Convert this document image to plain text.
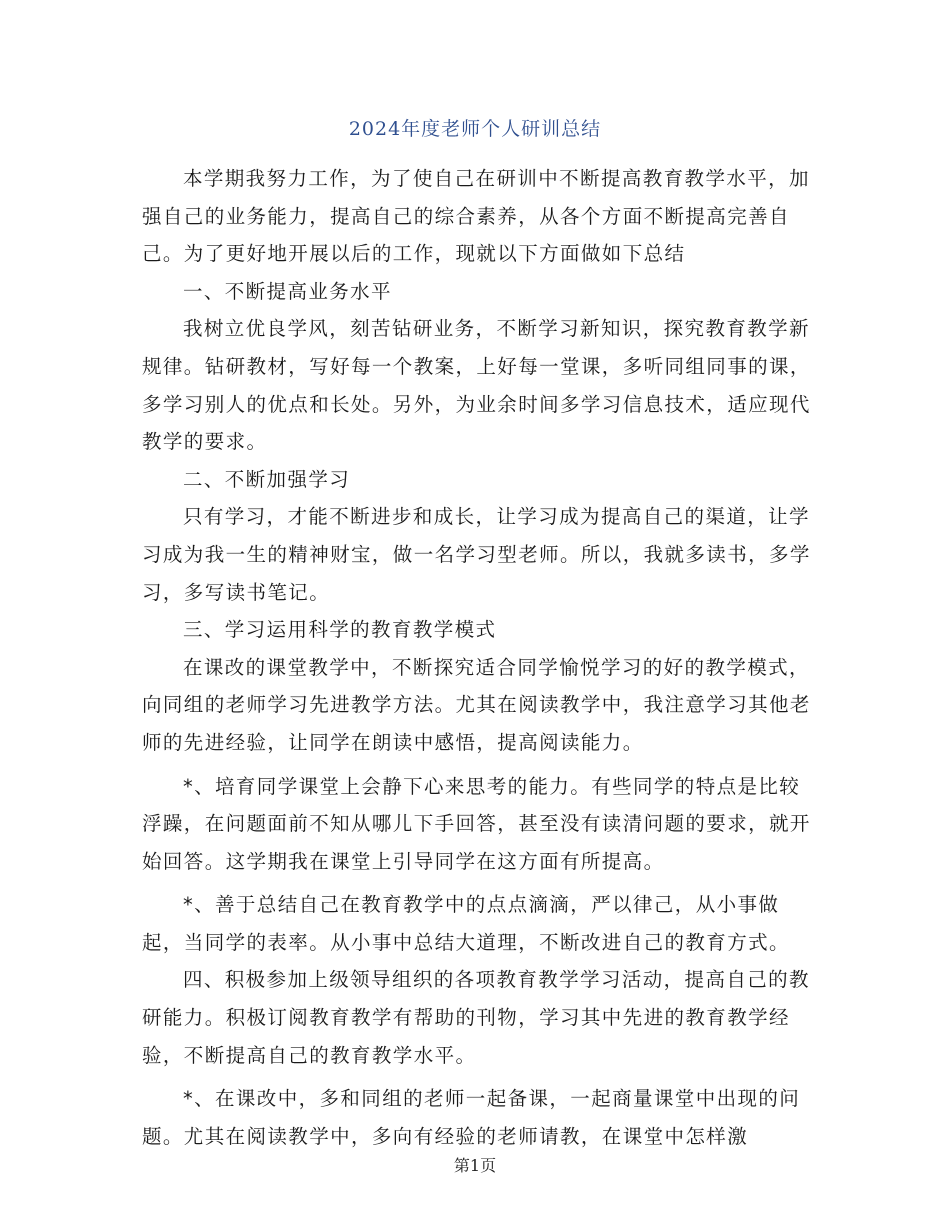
2024年度老师个人研训总结

本学期我努力工作，为了使自己在研训中不断提高教育教学水平，加强自己的业务能力，提高自己的综合素养，从各个方面不断提高完善自己。为了更好地开展以后的工作，现就以下方面做如下总结

一、不断提高业务水平

我树立优良学风，刻苦钻研业务，不断学习新知识，探究教育教学新规律。钻研教材，写好每一个教案，上好每一堂课，多听同组同事的课，多学习别人的优点和长处。另外，为业余时间多学习信息技术，适应现代教学的要求。

二、不断加强学习

只有学习，才能不断进步和成长，让学习成为提高自己的渠道，让学习成为我一生的精神财宝，做一名学习型老师。所以，我就多读书，多学习，多写读书笔记。

三、学习运用科学的教育教学模式

在课改的课堂教学中，不断探究适合同学愉悦学习的好的教学模式，向同组的老师学习先进教学方法。尤其在阅读教学中，我注意学习其他老师的先进经验，让同学在朗读中感悟，提高阅读能力。

*、培育同学课堂上会静下心来思考的能力。有些同学的特点是比较浮躁，在问题面前不知从哪儿下手回答，甚至没有读清问题的要求，就开始回答。这学期我在课堂上引导同学在这方面有所提高。

*、善于总结自己在教育教学中的点点滴滴，严以律己，从小事做起，当同学的表率。从小事中总结大道理，不断改进自己的教育方式。

四、积极参加上级领导组织的各项教育教学学习活动，提高自己的教研能力。积极订阅教育教学有帮助的刊物，学习其中先进的教育教学经验，不断提高自己的教育教学水平。

*、在课改中，多和同组的老师一起备课，一起商量课堂中出现的问题。尤其在阅读教学中，多向有经验的老师请教，在课堂中怎样激

第1页
